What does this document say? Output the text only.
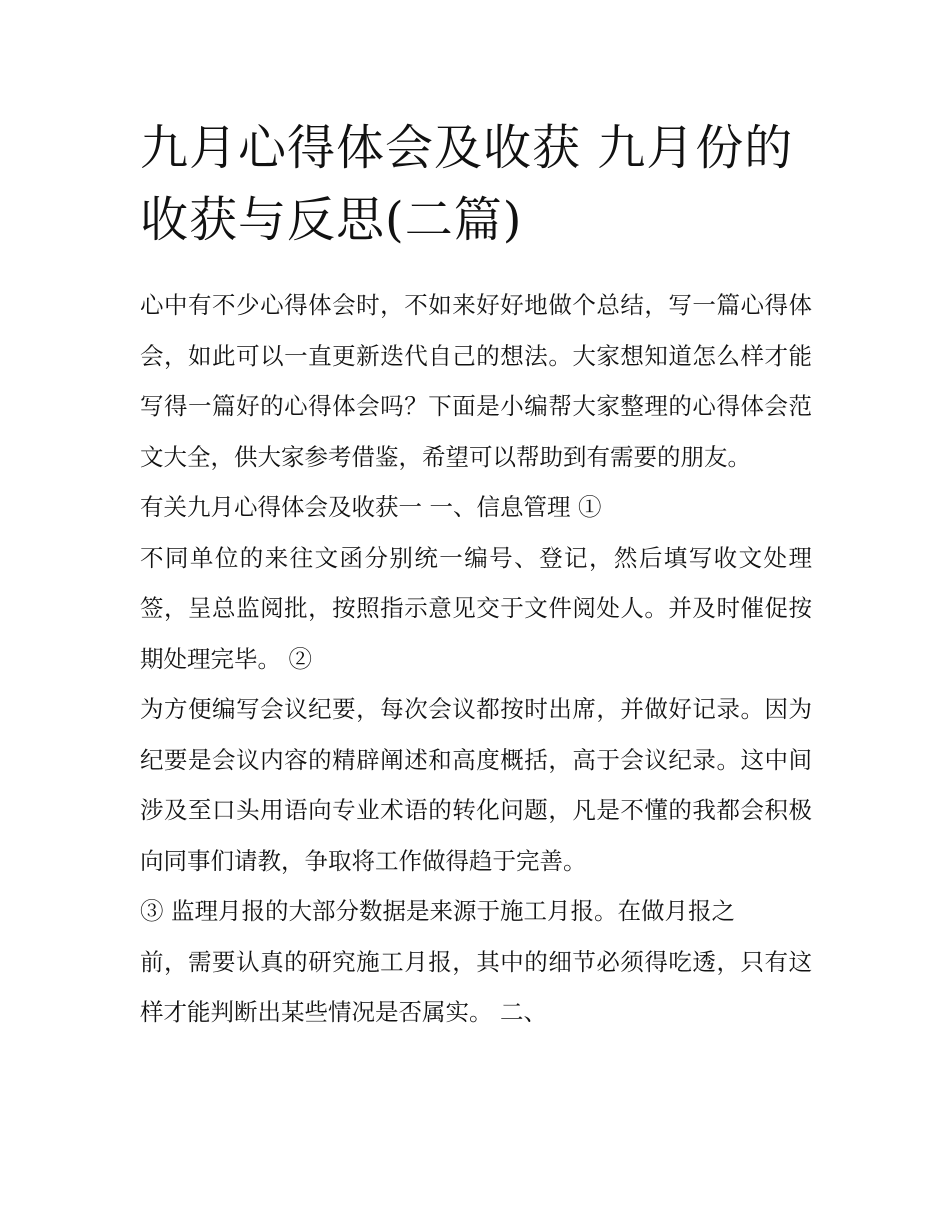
九月心得体会及收获 九月份的
收获与反思(二篇)

心中有不少心得体会时，不如来好好地做个总结，写一篇心得体会，如此可以一直更新迭代自己的想法。大家想知道怎么样才能写得一篇好的心得体会吗？下面是小编帮大家整理的心得体会范文大全，供大家参考借鉴，希望可以帮助到有需要的朋友。

有关九月心得体会及收获一 一、信息管理 ①

不同单位的来往文函分别统一编号、登记，然后填写收文处理签，呈总监阅批，按照指示意见交于文件阅处人。并及时催促按期处理完毕。 ②

为方便编写会议纪要，每次会议都按时出席，并做好记录。因为纪要是会议内容的精辟阐述和高度概括，高于会议纪录。这中间涉及至口头用语向专业术语的转化问题，凡是不懂的我都会积极向同事们请教，争取将工作做得趋于完善。

③ 监理月报的大部分数据是来源于施工月报。在做月报之

前，需要认真的研究施工月报，其中的细节必须得吃透，只有这样才能判断出某些情况是否属实。 二、
